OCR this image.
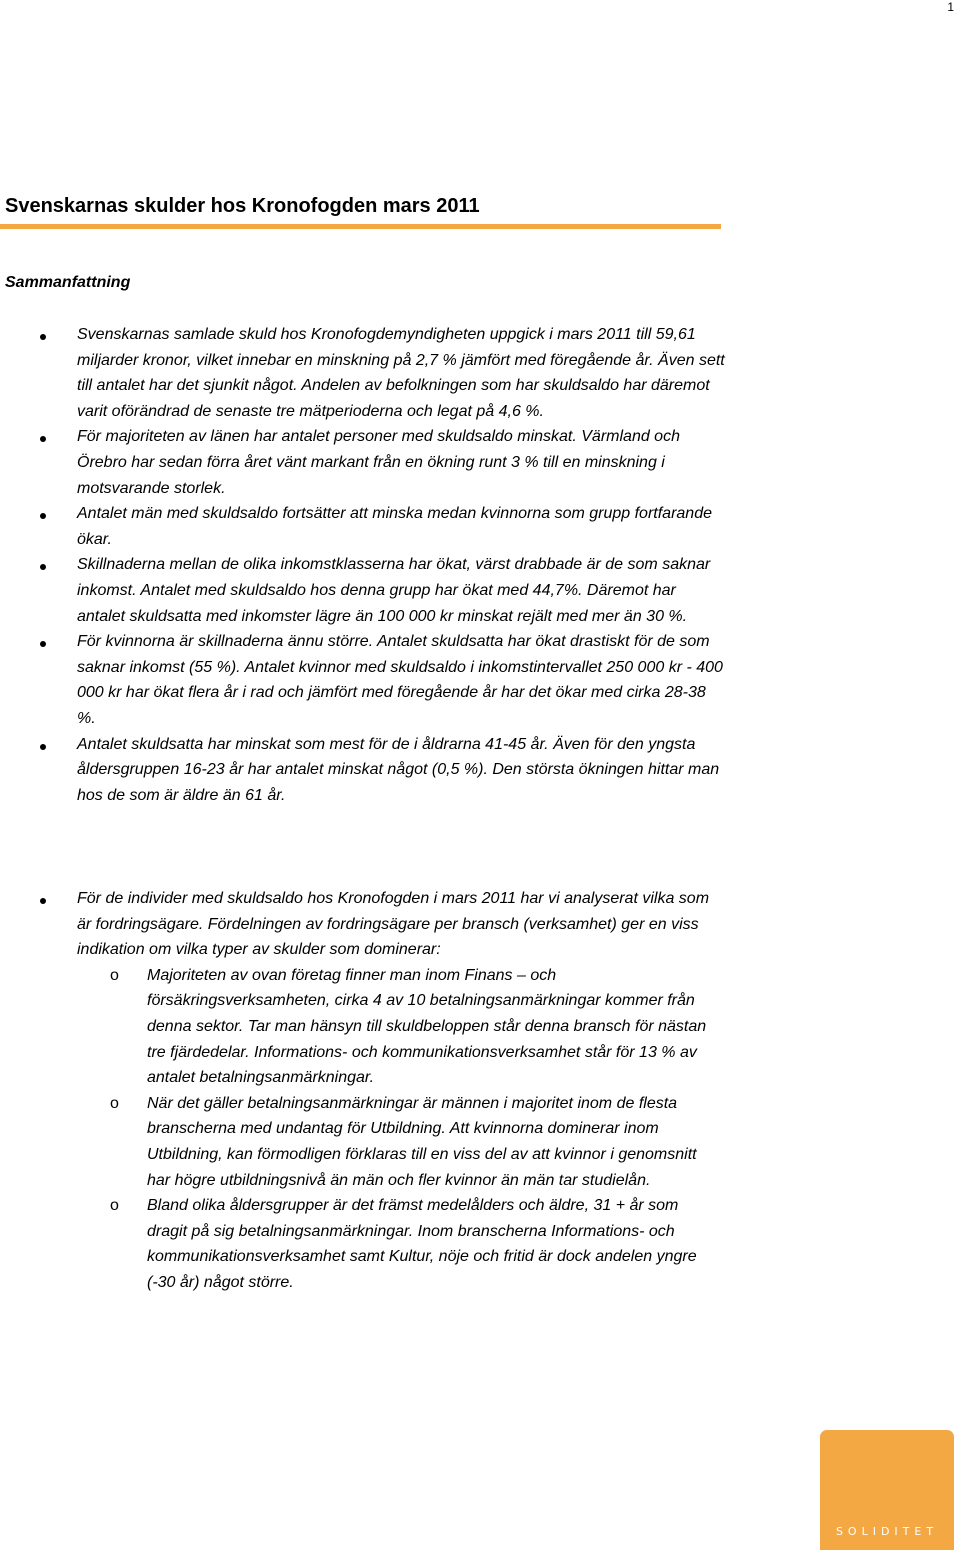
1
Svenskarnas skulder hos Kronofogden mars 2011
Sammanfattning
Svenskarnas samlade skuld hos Kronofogdemyndigheten uppgick i mars 2011 till 59,61 miljarder kronor, vilket innebar en minskning på 2,7 % jämfört med föregående år. Även sett till antalet har det sjunkit något. Andelen av befolkningen som har skuldsaldo har däremot varit oförändrad de senaste tre mätperioderna och legat på 4,6 %.
För majoriteten av länen har antalet personer med skuldsaldo minskat. Värmland och Örebro har sedan förra året vänt markant från en ökning runt 3 % till en minskning i motsvarande storlek.
Antalet män med skuldsaldo fortsätter att minska medan kvinnorna som grupp fortfarande ökar.
Skillnaderna mellan de olika inkomstklasserna har ökat, värst drabbade är de som saknar inkomst. Antalet med skuldsaldo hos denna grupp har ökat med 44,7%. Däremot har antalet skuldsatta med inkomster lägre än 100 000 kr minskat rejält med mer än 30 %.
För kvinnorna är skillnaderna ännu större. Antalet skuldsatta har ökat drastiskt för de som saknar inkomst (55 %). Antalet kvinnor med skuldsaldo i inkomstintervallet 250 000 kr - 400 000 kr har ökat flera år i rad och jämfört med föregående år har det ökar med cirka 28-38 %.
Antalet skuldsatta har minskat som mest för de i åldrarna 41-45 år. Även för den yngsta åldersgruppen 16-23 år har antalet minskat något (0,5 %). Den största ökningen hittar man hos de som är äldre än 61 år.
För de individer med skuldsaldo hos Kronofogden i mars 2011 har vi analyserat vilka som är fordringsägare. Fördelningen av fordringsägare per bransch (verksamhet) ger en viss indikation om vilka typer av skulder som dominerar:
o Majoriteten av ovan företag finner man inom Finans – och försäkringsverksamheten, cirka 4 av 10 betalningsanmärkningar kommer från denna sektor. Tar man hänsyn till skuldbeloppen står denna bransch för nästan tre fjärdedelar. Informations- och kommunikationsverksamhet står för 13 % av antalet betalningsanmärkningar.
o När det gäller betalningsanmärkningar är männen i majoritet inom de flesta branscherna med undantag för Utbildning. Att kvinnorna dominerar inom Utbildning, kan förmodligen förklaras till en viss del av att kvinnor i genomsnitt har högre utbildningsnivå än män och fler kvinnor än män tar studielån.
o Bland olika åldersgrupper är det främst medelålders och äldre, 31 + år som dragit på sig betalningsanmärkningar. Inom branscherna Informations- och kommunikationsverksamhet samt Kultur, nöje och fritid är dock andelen yngre (-30 år) något större.
SOLIDITET
